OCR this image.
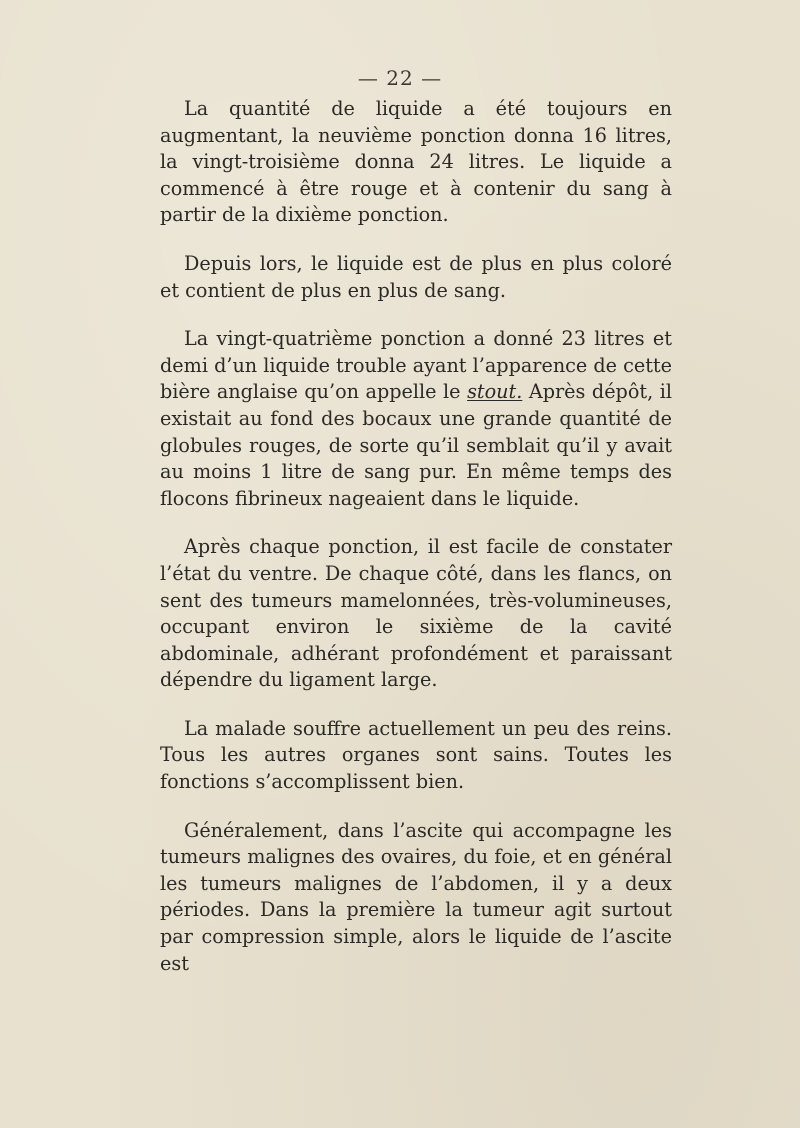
— 22 —

La quantité de liquide a été toujours en augmentant, la neuvième ponction donna 16 litres, la vingt-troisième donna 24 litres. Le liquide a commencé à être rouge et à contenir du sang à partir de la dixième ponction.

Depuis lors, le liquide est de plus en plus coloré et contient de plus en plus de sang.

La vingt-quatrième ponction a donné 23 litres et demi d’un liquide trouble ayant l’apparence de cette bière anglaise qu’on appelle le stout. Après dépôt, il existait au fond des bocaux une grande quantité de globules rouges, de sorte qu’il semblait qu’il y avait au moins 1 litre de sang pur. En même temps des flocons fibrineux nageaient dans le liquide.

Après chaque ponction, il est facile de constater l’état du ventre. De chaque côté, dans les flancs, on sent des tumeurs mamelonnées, très-volumineuses, occupant environ le sixième de la cavité abdominale, adhérant profondément et paraissant dépendre du ligament large.

La malade souffre actuellement un peu des reins. Tous les autres organes sont sains. Toutes les fonctions s’accomplissent bien.

Généralement, dans l’ascite qui accompagne les tumeurs malignes des ovaires, du foie, et en général les tumeurs malignes de l’abdomen, il y a deux périodes. Dans la première la tumeur agit surtout par compression simple, alors le liquide de l’ascite est
